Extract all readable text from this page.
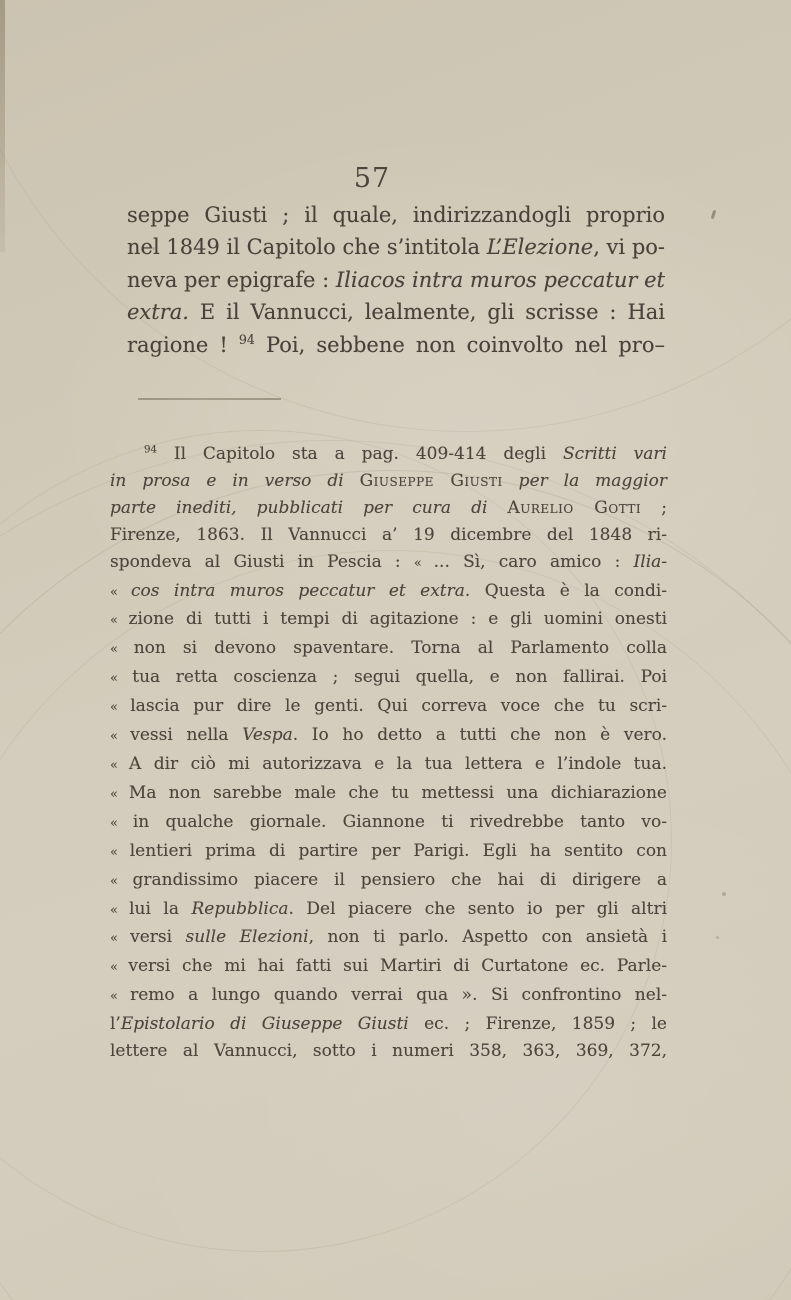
57
seppe Giusti ; il quale, indirizzandogli proprio
nel 1849 il Capitolo che s’intitola L’Elezione, vi po-
neva per epigrafe : Iliacos intra muros peccatur et
extra. E il Vannucci, lealmente, gli scrisse : Hai
ragione ! $^{94}$ Poi, sebbene non coinvolto nel pro–
$^{94}$ Il Capitolo sta a pag. 409-414 degli Scritti vari
in prosa e in verso di Giuseppe Giusti per la maggior
parte inediti, pubblicati per cura di Aurelio Gotti ;
Firenze, 1863. Il Vannucci a’ 19 dicembre del 1848 ri-
spondeva al Giusti in Pescia : « ... Sì, caro amico : Ilia-
« cos intra muros peccatur et extra. Questa è la condi-
« zione di tutti i tempi di agitazione : e gli uomini onesti
« non si devono spaventare. Torna al Parlamento colla
« tua retta coscienza ; segui quella, e non fallirai. Poi
« lascia pur dire le genti. Qui correva voce che tu scri-
« vessi nella Vespa. Io ho detto a tutti che non è vero.
« A dir ciò mi autorizzava e la tua lettera e l’indole tua.
« Ma non sarebbe male che tu mettessi una dichiarazione
« in qualche giornale. Giannone ti rivedrebbe tanto vo-
« lentieri prima di partire per Parigi. Egli ha sentito con
« grandissimo piacere il pensiero che hai di dirigere a
« lui la Repubblica. Del piacere che sento io per gli altri
« versi sulle Elezioni, non ti parlo. Aspetto con ansietà i
« versi che mi hai fatti sui Martiri di Curtatone ec. Parle-
« remo a lungo quando verrai qua ». Si confrontino nel-
l’Epistolario di Giuseppe Giusti ec. ; Firenze, 1859 ; le
lettere al Vannucci, sotto i numeri 358, 363, 369, 372,
